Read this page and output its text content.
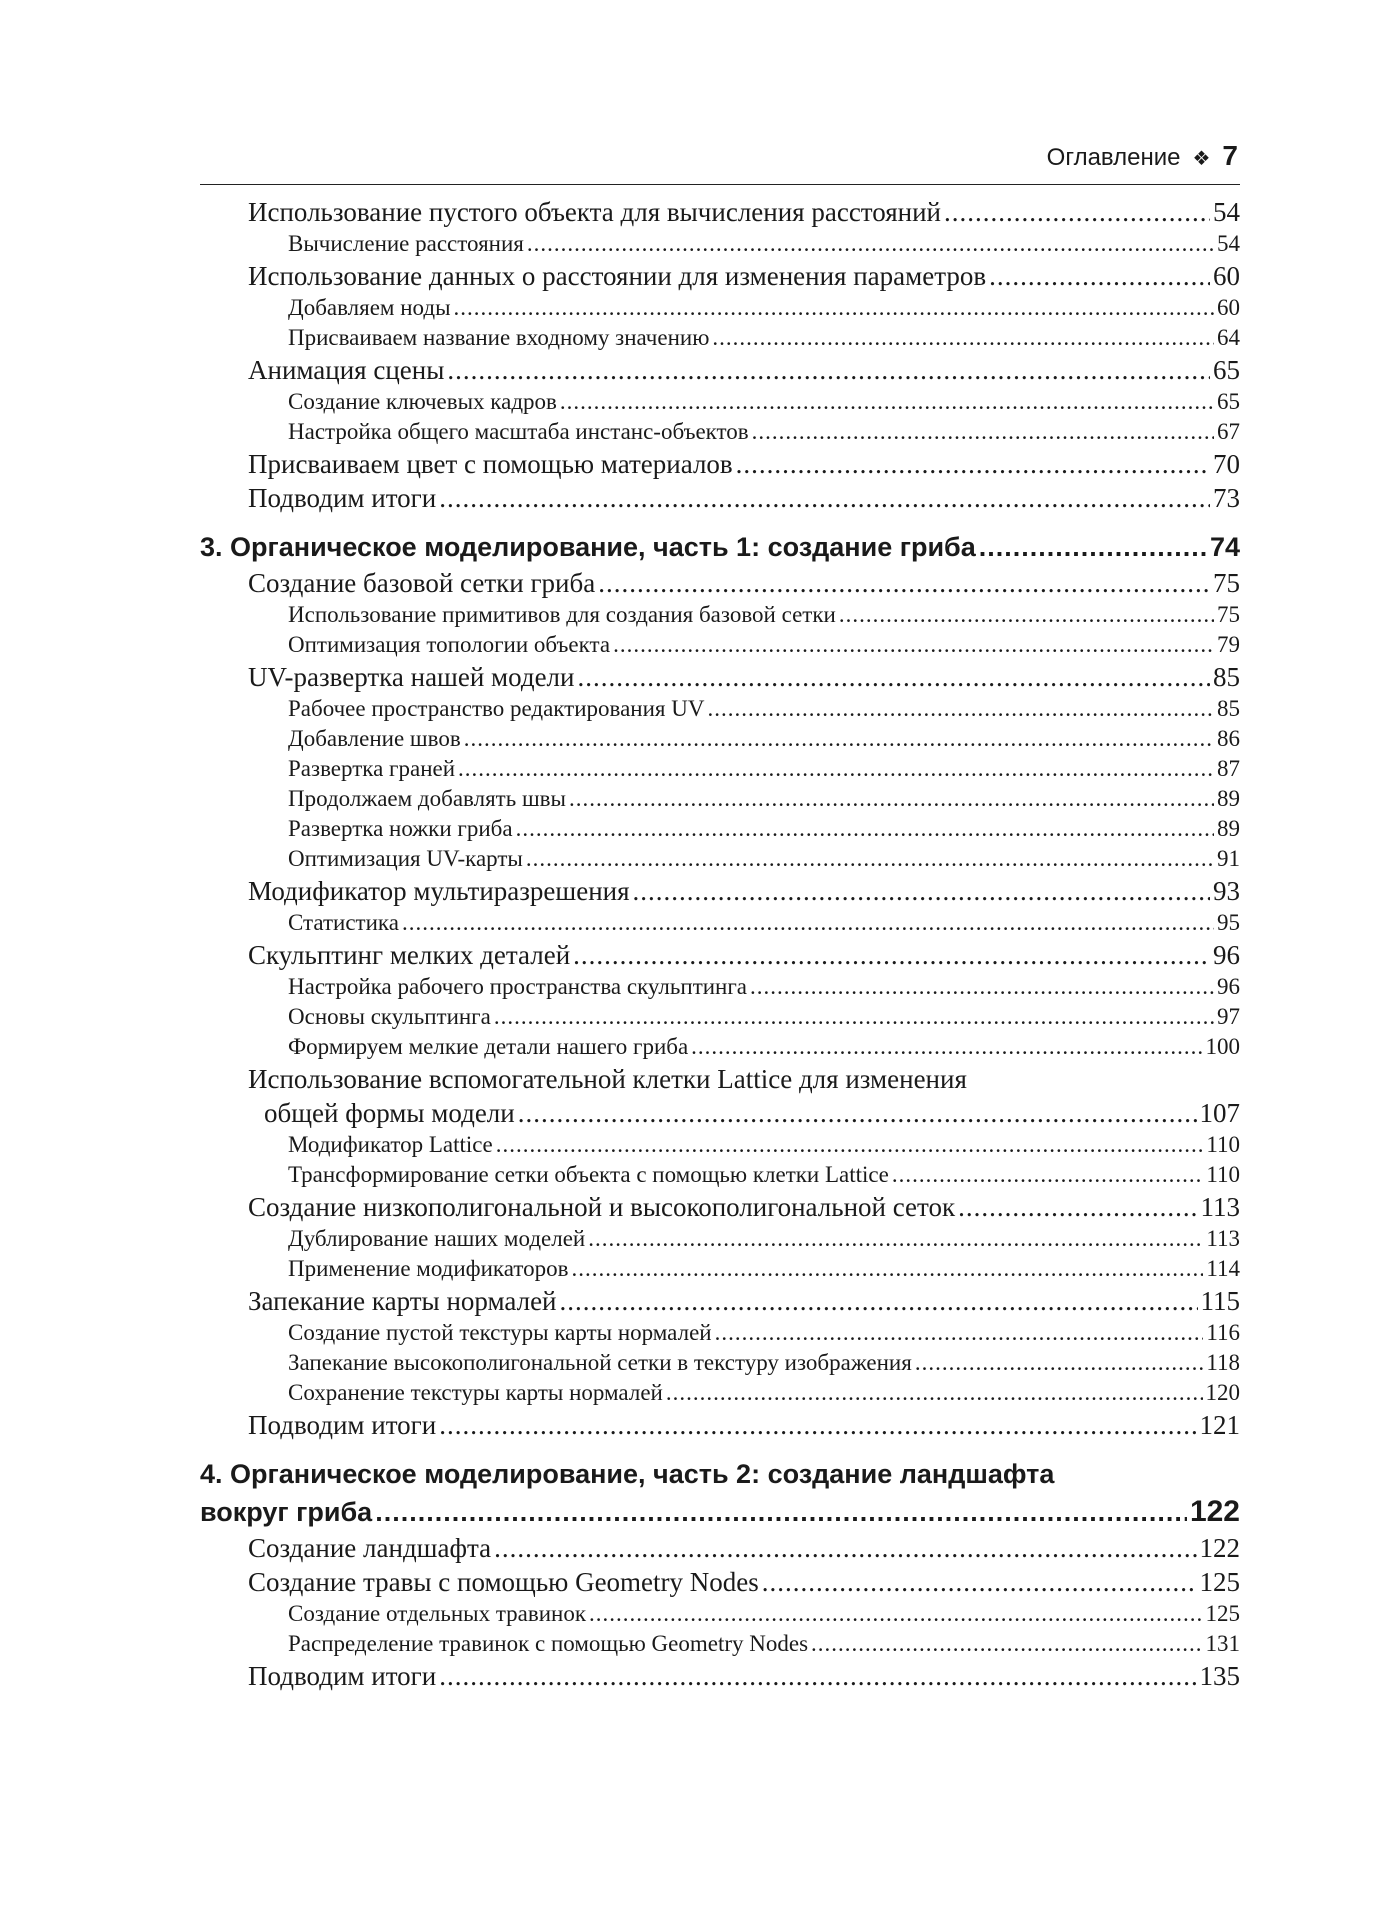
Оглавление ❖ 7
Использование пустого объекта для вычисления расстояний .....	54
Вычисление расстояния .....	54
Использование данных о расстоянии для изменения параметров .....	60
Добавляем ноды .....	60
Присваиваем название входному значению .....	64
Анимация сцены .....	65
Создание ключевых кадров .....	65
Настройка общего масштаба инстанс-объектов .....	67
Присваиваем цвет с помощью материалов .....	70
Подводим итоги .....	73
3. Органическое моделирование, часть 1: создание гриба .....	74
Создание базовой сетки гриба .....	75
Использование примитивов для создания базовой сетки .....	75
Оптимизация топологии объекта .....	79
UV-развертка нашей модели .....	85
Рабочее пространство редактирования UV .....	85
Добавление швов .....	86
Развертка граней .....	87
Продолжаем добавлять швы .....	89
Развертка ножки гриба .....	89
Оптимизация UV-карты .....	91
Модификатор мультиразрешения .....	93
Статистика .....	95
Скульптинг мелких деталей .....	96
Настройка рабочего пространства скульптинга .....	96
Основы скульптинга .....	97
Формируем мелкие детали нашего гриба .....	100
Использование вспомогательной клетки Lattice для изменения
общей формы модели .....	107
Модификатор Lattice .....	110
Трансформирование сетки объекта с помощью клетки Lattice .....	110
Создание низкополигональной и высокополигональной сеток .....	113
Дублирование наших моделей .....	113
Применение модификаторов .....	114
Запекание карты нормалей .....	115
Создание пустой текстуры карты нормалей .....	116
Запекание высокополигональной сетки в текстуру изображения .....	118
Сохранение текстуры карты нормалей .....	120
Подводим итоги .....	121
4. Органическое моделирование, часть 2: создание ландшафта
вокруг гриба .....	122
Создание ландшафта .....	122
Создание травы с помощью Geometry Nodes .....	125
Создание отдельных травинок .....	125
Распределение травинок с помощью Geometry Nodes .....	131
Подводим итоги .....	135
